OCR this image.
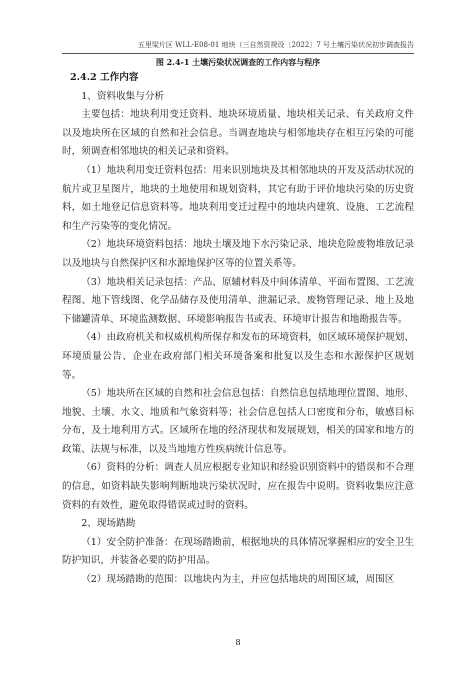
五里梁片区 WLL-E08-01 地块（三自然资规设〔2022〕7 号土壤污染状况初步调查报告
图 2.4-1 土壤污染状况调查的工作内容与程序

2.4.2 工作内容

1、资料收集与分析

主要包括：地块利用变迁资料、地块环境质量、地块相关记录、有关政府文件以及地块所在区域的自然和社会信息。当调查地块与相邻地块存在相互污染的可能时，须调查相邻地块的相关记录和资料。

（1）地块利用变迁资料包括：用来识别地块及其相邻地块的开发及活动状况的航片或卫星图片，地块的土地使用和规划资料，其它有助于评价地块污染的历史资料，如土地登记信息资料等。地块利用变迁过程中的地块内建筑、设施、工艺流程和生产污染等的变化情况。

（2）地块环境资料包括：地块土壤及地下水污染记录、地块危险废物堆放记录以及地块与自然保护区和水源地保护区等的位置关系等。

（3）地块相关记录包括：产品、原辅材料及中间体清单、平面布置图、工艺流程图、地下管线图、化学品储存及使用清单、泄漏记录、废物管理记录、地上及地下储罐清单、环境监测数据、环境影响报告书或表、环境审计报告和地勘报告等。

（4）由政府机关和权威机构所保存和发布的环境资料，如区域环境保护规划、环境质量公告、企业在政府部门相关环境备案和批复以及生态和水源保护区规划等。

（5）地块所在区域的自然和社会信息包括：自然信息包括地理位置图、地形、地貌、土壤、水文、地质和气象资料等；社会信息包括人口密度和分布，敏感目标分布，及土地利用方式。区域所在地的经济现状和发展规划，相关的国家和地方的政策、法规与标准，以及当地地方性疾病统计信息等。

（6）资料的分析：调查人员应根据专业知识和经验识别资料中的错误和不合理的信息，如资料缺失影响判断地块污染状况时，应在报告中说明。资料收集应注意资料的有效性，避免取得错误或过时的资料。

2、现场踏勘

（1）安全防护准备：在现场踏勘前，根据地块的具体情况掌握相应的安全卫生防护知识，并装备必要的防护用品。

（2）现场踏勘的范围：以地块内为主，并应包括地块的周围区域，周围区

8
